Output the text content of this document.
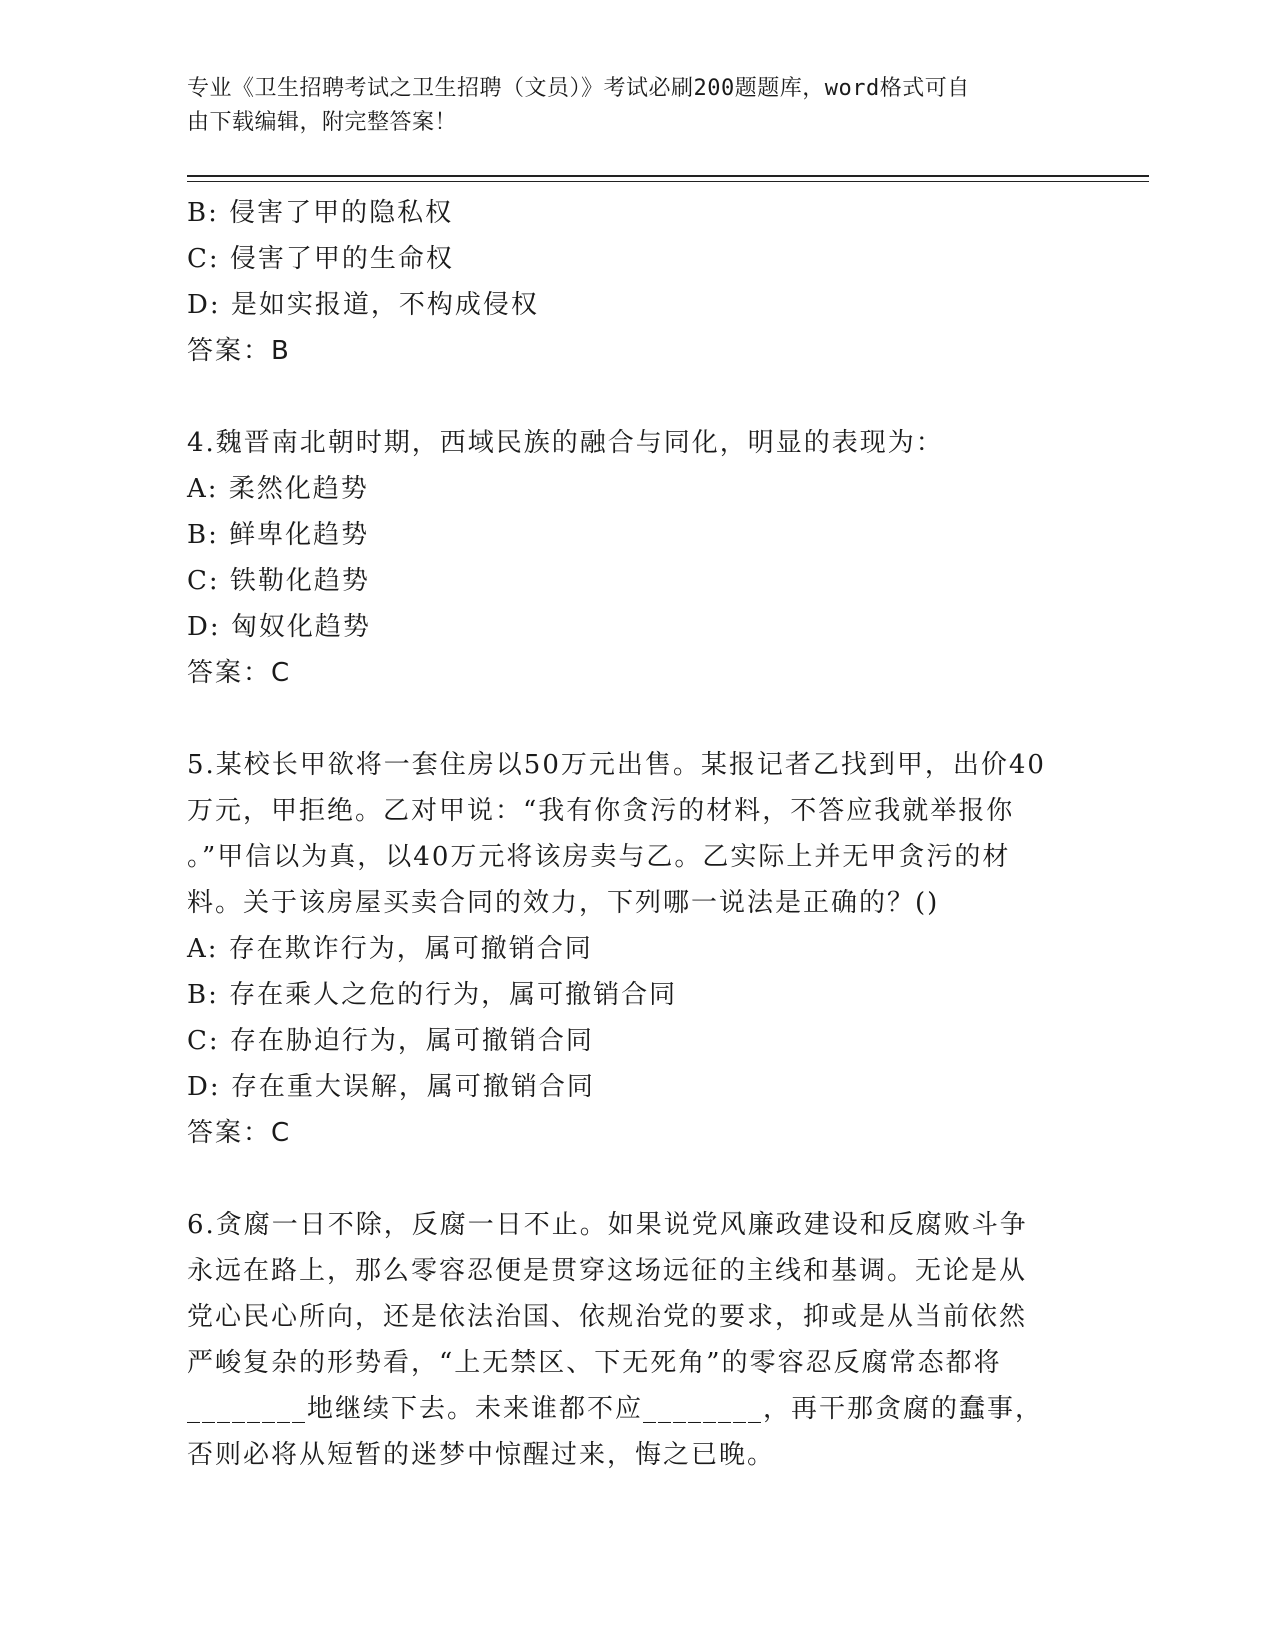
专业《卫生招聘考试之卫生招聘（文员）》考试必刷200题题库，word格式可自
由下载编辑，附完整答案！
B: 侵害了甲的隐私权
C: 侵害了甲的生命权
D: 是如实报道，不构成侵权
答案：B
4.魏晋南北朝时期，西域民族的融合与同化，明显的表现为：
A: 柔然化趋势
B: 鲜卑化趋势
C: 铁勒化趋势
D: 匈奴化趋势
答案：C
5.某校长甲欲将一套住房以50万元出售。某报记者乙找到甲，出价40
万元，甲拒绝。乙对甲说：“我有你贪污的材料，不答应我就举报你
。”甲信以为真，以40万元将该房卖与乙。乙实际上并无甲贪污的材
料。关于该房屋买卖合同的效力，下列哪一说法是正确的？()
A: 存在欺诈行为，属可撤销合同
B: 存在乘人之危的行为，属可撤销合同
C: 存在胁迫行为，属可撤销合同
D: 存在重大误解，属可撤销合同
答案：C
6.贪腐一日不除，反腐一日不止。如果说党风廉政建设和反腐败斗争
永远在路上，那么零容忍便是贯穿这场远征的主线和基调。无论是从
党心民心所向，还是依法治国、依规治党的要求，抑或是从当前依然
严峻复杂的形势看，“上无禁区、下无死角”的零容忍反腐常态都将
________地继续下去。未来谁都不应________，再干那贪腐的蠢事，
否则必将从短暂的迷梦中惊醒过来，悔之已晚。
